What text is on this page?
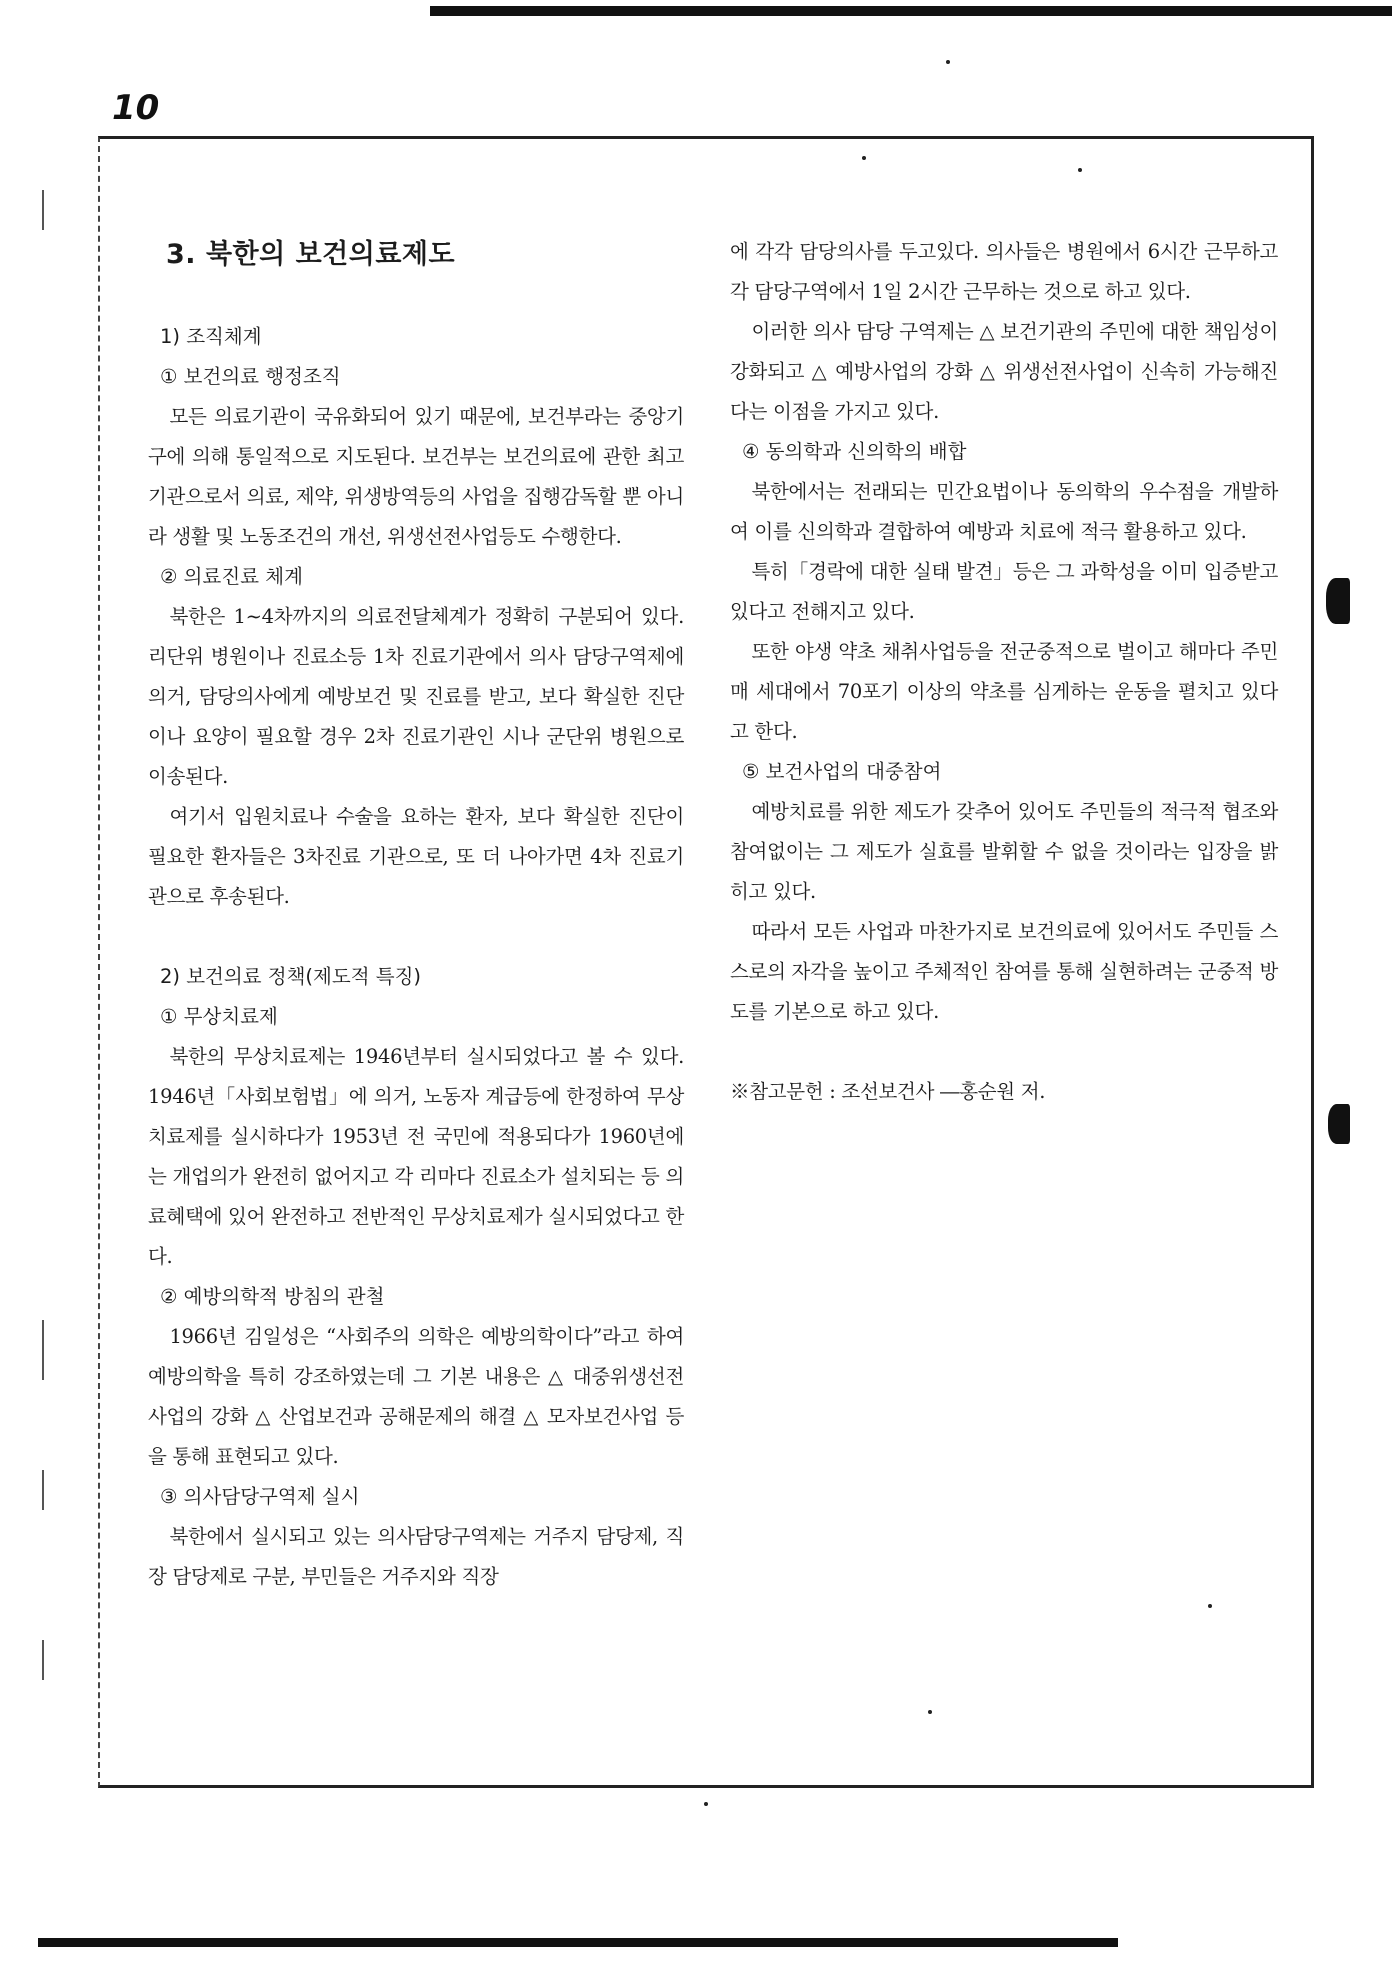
10
3. 북한의 보건의료제도

1) 조직체계

① 보건의료 행정조직

모든 의료기관이 국유화되어 있기 때문에, 보건부라는 중앙기구에 의해 통일적으로 지도된다. 보건부는 보건의료에 관한 최고 기관으로서 의료, 제약, 위생방역등의 사업을 집행감독할 뿐 아니라 생활 및 노동조건의 개선, 위생선전사업등도 수행한다.

② 의료진료 체계

북한은 1∼4차까지의 의료전달체계가 정확히 구분되어 있다. 리단위 병원이나 진료소등 1차 진료기관에서 의사 담당구역제에 의거, 담당의사에게 예방보건 및 진료를 받고, 보다 확실한 진단이나 요양이 필요할 경우 2차 진료기관인 시나 군단위 병원으로 이송된다.

여기서 입원치료나 수술을 요하는 환자, 보다 확실한 진단이 필요한 환자들은 3차진료 기관으로, 또 더 나아가면 4차 진료기관으로 후송된다.

2) 보건의료 정책(제도적 특징)

① 무상치료제

북한의 무상치료제는 1946년부터 실시되었다고 볼 수 있다. 1946년「사회보험법」에 의거, 노동자 계급등에 한정하여 무상 치료제를 실시하다가 1953년 전 국민에 적용되다가 1960년에는 개업의가 완전히 없어지고 각 리마다 진료소가 설치되는 등 의료혜택에 있어 완전하고 전반적인 무상치료제가 실시되었다고 한다.

② 예방의학적 방침의 관철

1966년 김일성은 “사회주의 의학은 예방의학이다”라고 하여 예방의학을 특히 강조하였는데 그 기본 내용은 △ 대중위생선전사업의 강화 △ 산업보건과 공해문제의 해결 △ 모자보건사업 등을 통해 표현되고 있다.

③ 의사담당구역제 실시

북한에서 실시되고 있는 의사담당구역제는 거주지 담당제, 직장 담당제로 구분, 부민들은 거주지와 직장

에 각각 담당의사를 두고있다. 의사들은 병원에서 6시간 근무하고 각 담당구역에서 1일 2시간 근무하는 것으로 하고 있다.

이러한 의사 담당 구역제는 △ 보건기관의 주민에 대한 책임성이 강화되고 △ 예방사업의 강화 △ 위생선전사업이 신속히 가능해진다는 이점을 가지고 있다.

④ 동의학과 신의학의 배합

북한에서는 전래되는 민간요법이나 동의학의 우수점을 개발하여 이를 신의학과 결합하여 예방과 치료에 적극 활용하고 있다.

특히「경락에 대한 실태 발견」등은 그 과학성을 이미 입증받고 있다고 전해지고 있다.

또한 야생 약초 채취사업등을 전군중적으로 벌이고 해마다 주민 매 세대에서 70포기 이상의 약초를 심게하는 운동을 펼치고 있다고 한다.

⑤ 보건사업의 대중참여

예방치료를 위한 제도가 갖추어 있어도 주민들의 적극적 협조와 참여없이는 그 제도가 실효를 발휘할 수 없을 것이라는 입장을 밝히고 있다.

따라서 모든 사업과 마찬가지로 보건의료에 있어서도 주민들 스스로의 자각을 높이고 주체적인 참여를 통해 실현하려는 군중적 방도를 기본으로 하고 있다.

※참고문헌 : 조선보건사 ―홍순원 저.
